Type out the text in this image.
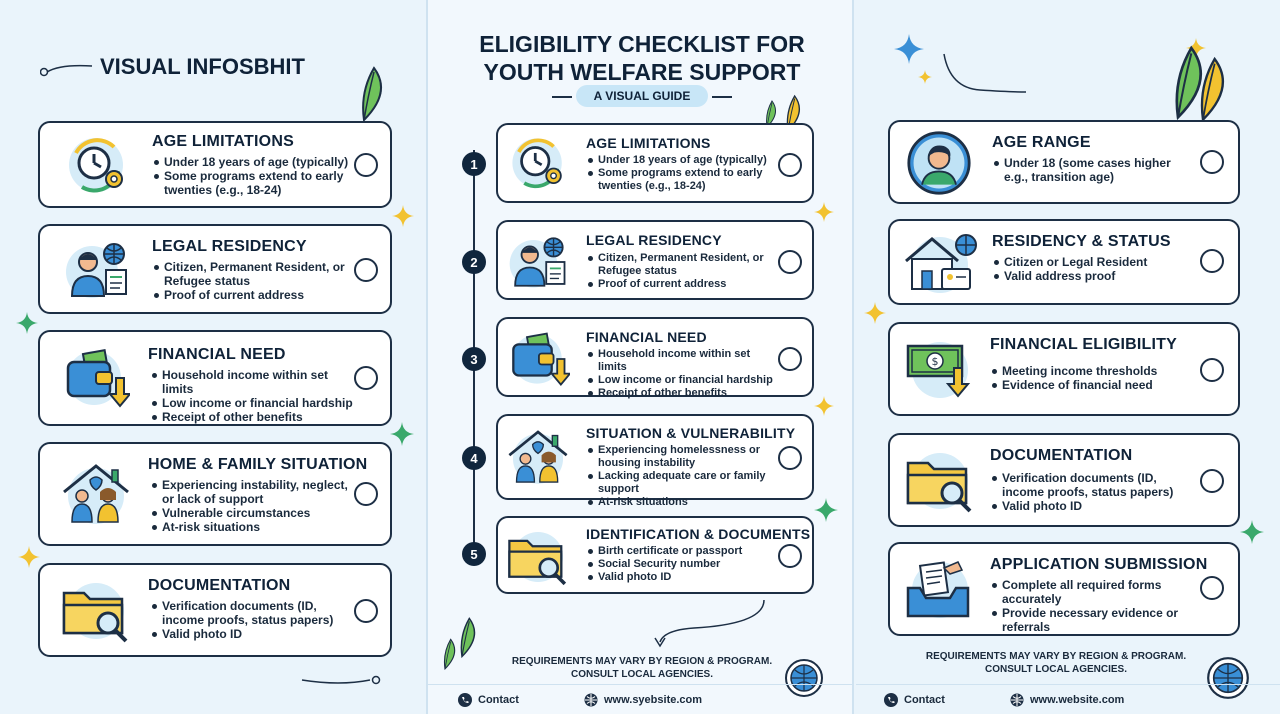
VISUAL INFOSBHIT
AGE LIMITATIONS
Under 18 years of age (typically)
Some programs extend to early twenties (e.g., 18-24)
LEGAL RESIDENCY
Citizen, Permanent Resident, or Refugee status
Proof of current address
FINANCIAL NEED
Household income within set limits
Low income or financial hardship
Receipt of other benefits
HOME & FAMILY SITUATION
Experiencing instability, neglect, or lack of support
Vulnerable circumstances
At-risk situations
DOCUMENTATION
Verification documents (ID, income proofs, status papers)
Valid photo ID
ELIGIBILITY CHECKLIST FOR
YOUTH WELFARE SUPPORT
A VISUAL GUIDE
1
2
3
4
5
AGE LIMITATIONS
Under 18 years of age (typically)
Some programs extend to early twenties (e.g., 18-24)
LEGAL RESIDENCY
Citizen, Permanent Resident, or Refugee status
Proof of current address
FINANCIAL NEED
Household income within set limits
Low income or financial hardship
Receipt of other benefits
SITUATION & VULNERABILITY
Experiencing homelessness or housing instability
Lacking adequate care or family support
At-risk situations
IDENTIFICATION & DOCUMENTS
Birth certificate or passport
Social Security number
Valid photo ID
REQUIREMENTS MAY VARY BY REGION & PROGRAM.
CONSULT LOCAL AGENCIES.
Contact	www.syebsite.com
AGE RANGE
Under 18 (some cases higher e.g., transition age)
RESIDENCY & STATUS
Citizen or Legal Resident
Valid address proof
FINANCIAL ELIGIBILITY
Meeting income thresholds
Evidence of financial need
DOCUMENTATION
Verification documents (ID, income proofs, status papers)
Valid photo ID
APPLICATION SUBMISSION
Complete all required forms accurately
Provide necessary evidence or referrals
REQUIREMENTS MAY VARY BY REGION & PROGRAM.
CONSULT LOCAL AGENCIES.
Contact	www.website.com
